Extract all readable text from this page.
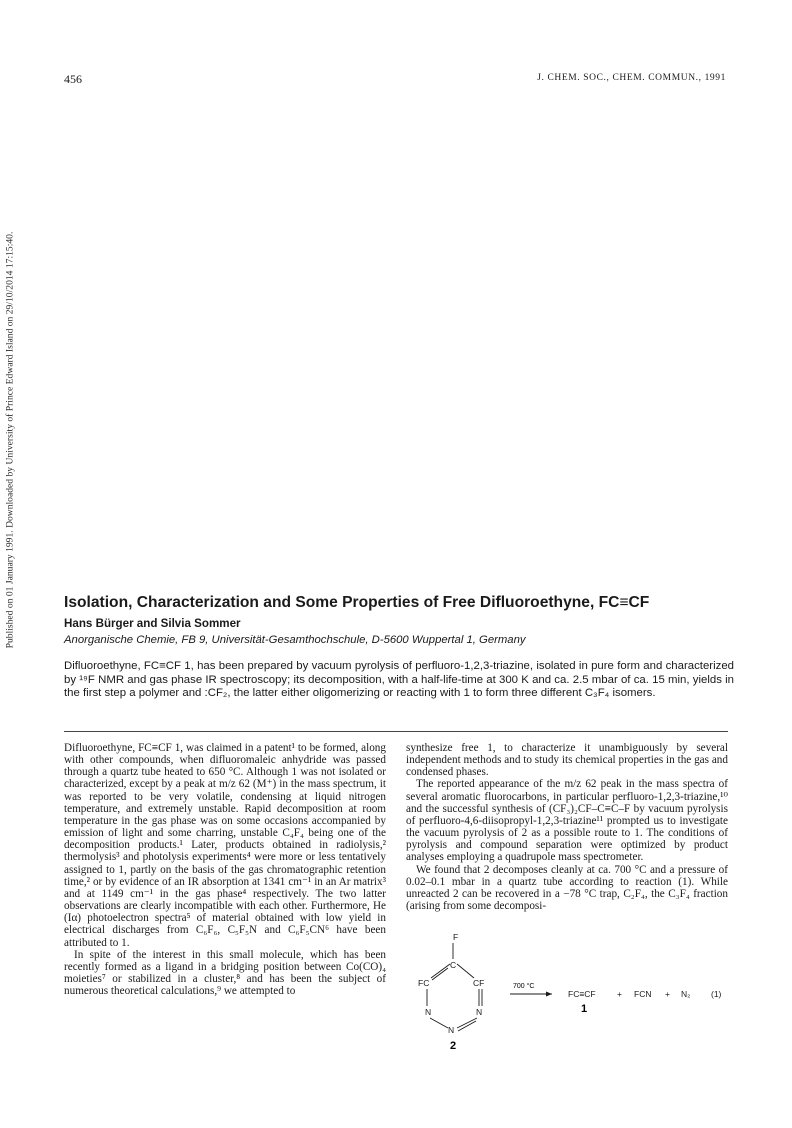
Published on 01 January 1991. Downloaded by University of Prince Edward Island on 29/10/2014 17:15:40.
456	J. CHEM. SOC., CHEM. COMMUN., 1991
Isolation, Characterization and Some Properties of Free Difluoroethyne, FC≡CF
Hans Bürger and Silvia Sommer
Anorganische Chemie, FB 9, Universität-Gesamthochschule, D-5600 Wuppertal 1, Germany
Difluoroethyne, FC≡CF 1, has been prepared by vacuum pyrolysis of perfluoro-1,2,3-triazine, isolated in pure form and characterized by ¹⁹F NMR and gas phase IR spectroscopy; its decomposition, with a half-life-time at 300 K and ca. 2.5 mbar of ca. 15 min, yields in the first step a polymer and :CF₂, the latter either oligomerizing or reacting with 1 to form three different C₃F₄ isomers.

Difluoroethyne, FC≡CF 1, was claimed in a patent¹ to be formed, along with other compounds, when difluoromaleic anhydride was passed through a quartz tube heated to 650 °C. Although 1 was not isolated or characterized, except by a peak at m/z 62 (M⁺) in the mass spectrum, it was reported to be very volatile, condensing at liquid nitrogen temperature, and extremely unstable. Rapid decomposition at room temperature in the gas phase was on some occasions accompanied by emission of light and some charring, unstable C₄F₄ being one of the decomposition products.¹ Later, products obtained in radiolysis,² thermolysis³ and photolysis experiments⁴ were more or less tentatively assigned to 1, partly on the basis of the gas chromatographic retention time,² or by evidence of an IR absorption at 1341 cm⁻¹ in an Ar matrix³ and at 1149 cm⁻¹ in the gas phase⁴ respectively. The two latter observations are clearly incompatible with each other. Furthermore, He (Iα) photoelectron spectra⁵ of material obtained with low yield in electrical discharges from C₆F₆, C₅F₅N and C₆F₅CN⁶ have been attributed to 1.

In spite of the interest in this small molecule, which has been recently formed as a ligand in a bridging position between Co(CO)₄ moieties⁷ or stabilized in a cluster,⁸ and has been the subject of numerous theoretical calculations,⁹ we attempted to

synthesize free 1, to characterize it unambiguously by several independent methods and to study its chemical properties in the gas and condensed phases.

The reported appearance of the m/z 62 peak in the mass spectra of several aromatic fluorocarbons, in particular perfluoro-1,2,3-triazine,¹⁰ and the successful synthesis of (CF₃)₂CF–C≡C–F by vacuum pyrolysis of perfluoro-4,6-diisopropyl-1,2,3-triazine¹¹ prompted us to investigate the vacuum pyrolysis of 2 as a possible route to 1. The conditions of pyrolysis and compound separation were optimized by product analyses employing a quadrupole mass spectrometer.

We found that 2 decomposes cleanly at ca. 700 °C and a pressure of 0.02–0.1 mbar in a quartz tube according to reaction (1). While unreacted 2 can be recovered in a −78 °C trap, C₂F₄, the C₃F₄ fraction (arising from some decomposi-

F
C
FC	CF
N	N
N
2
700 °C
FC≡CF	+ FCN + N₂ (1)
1
